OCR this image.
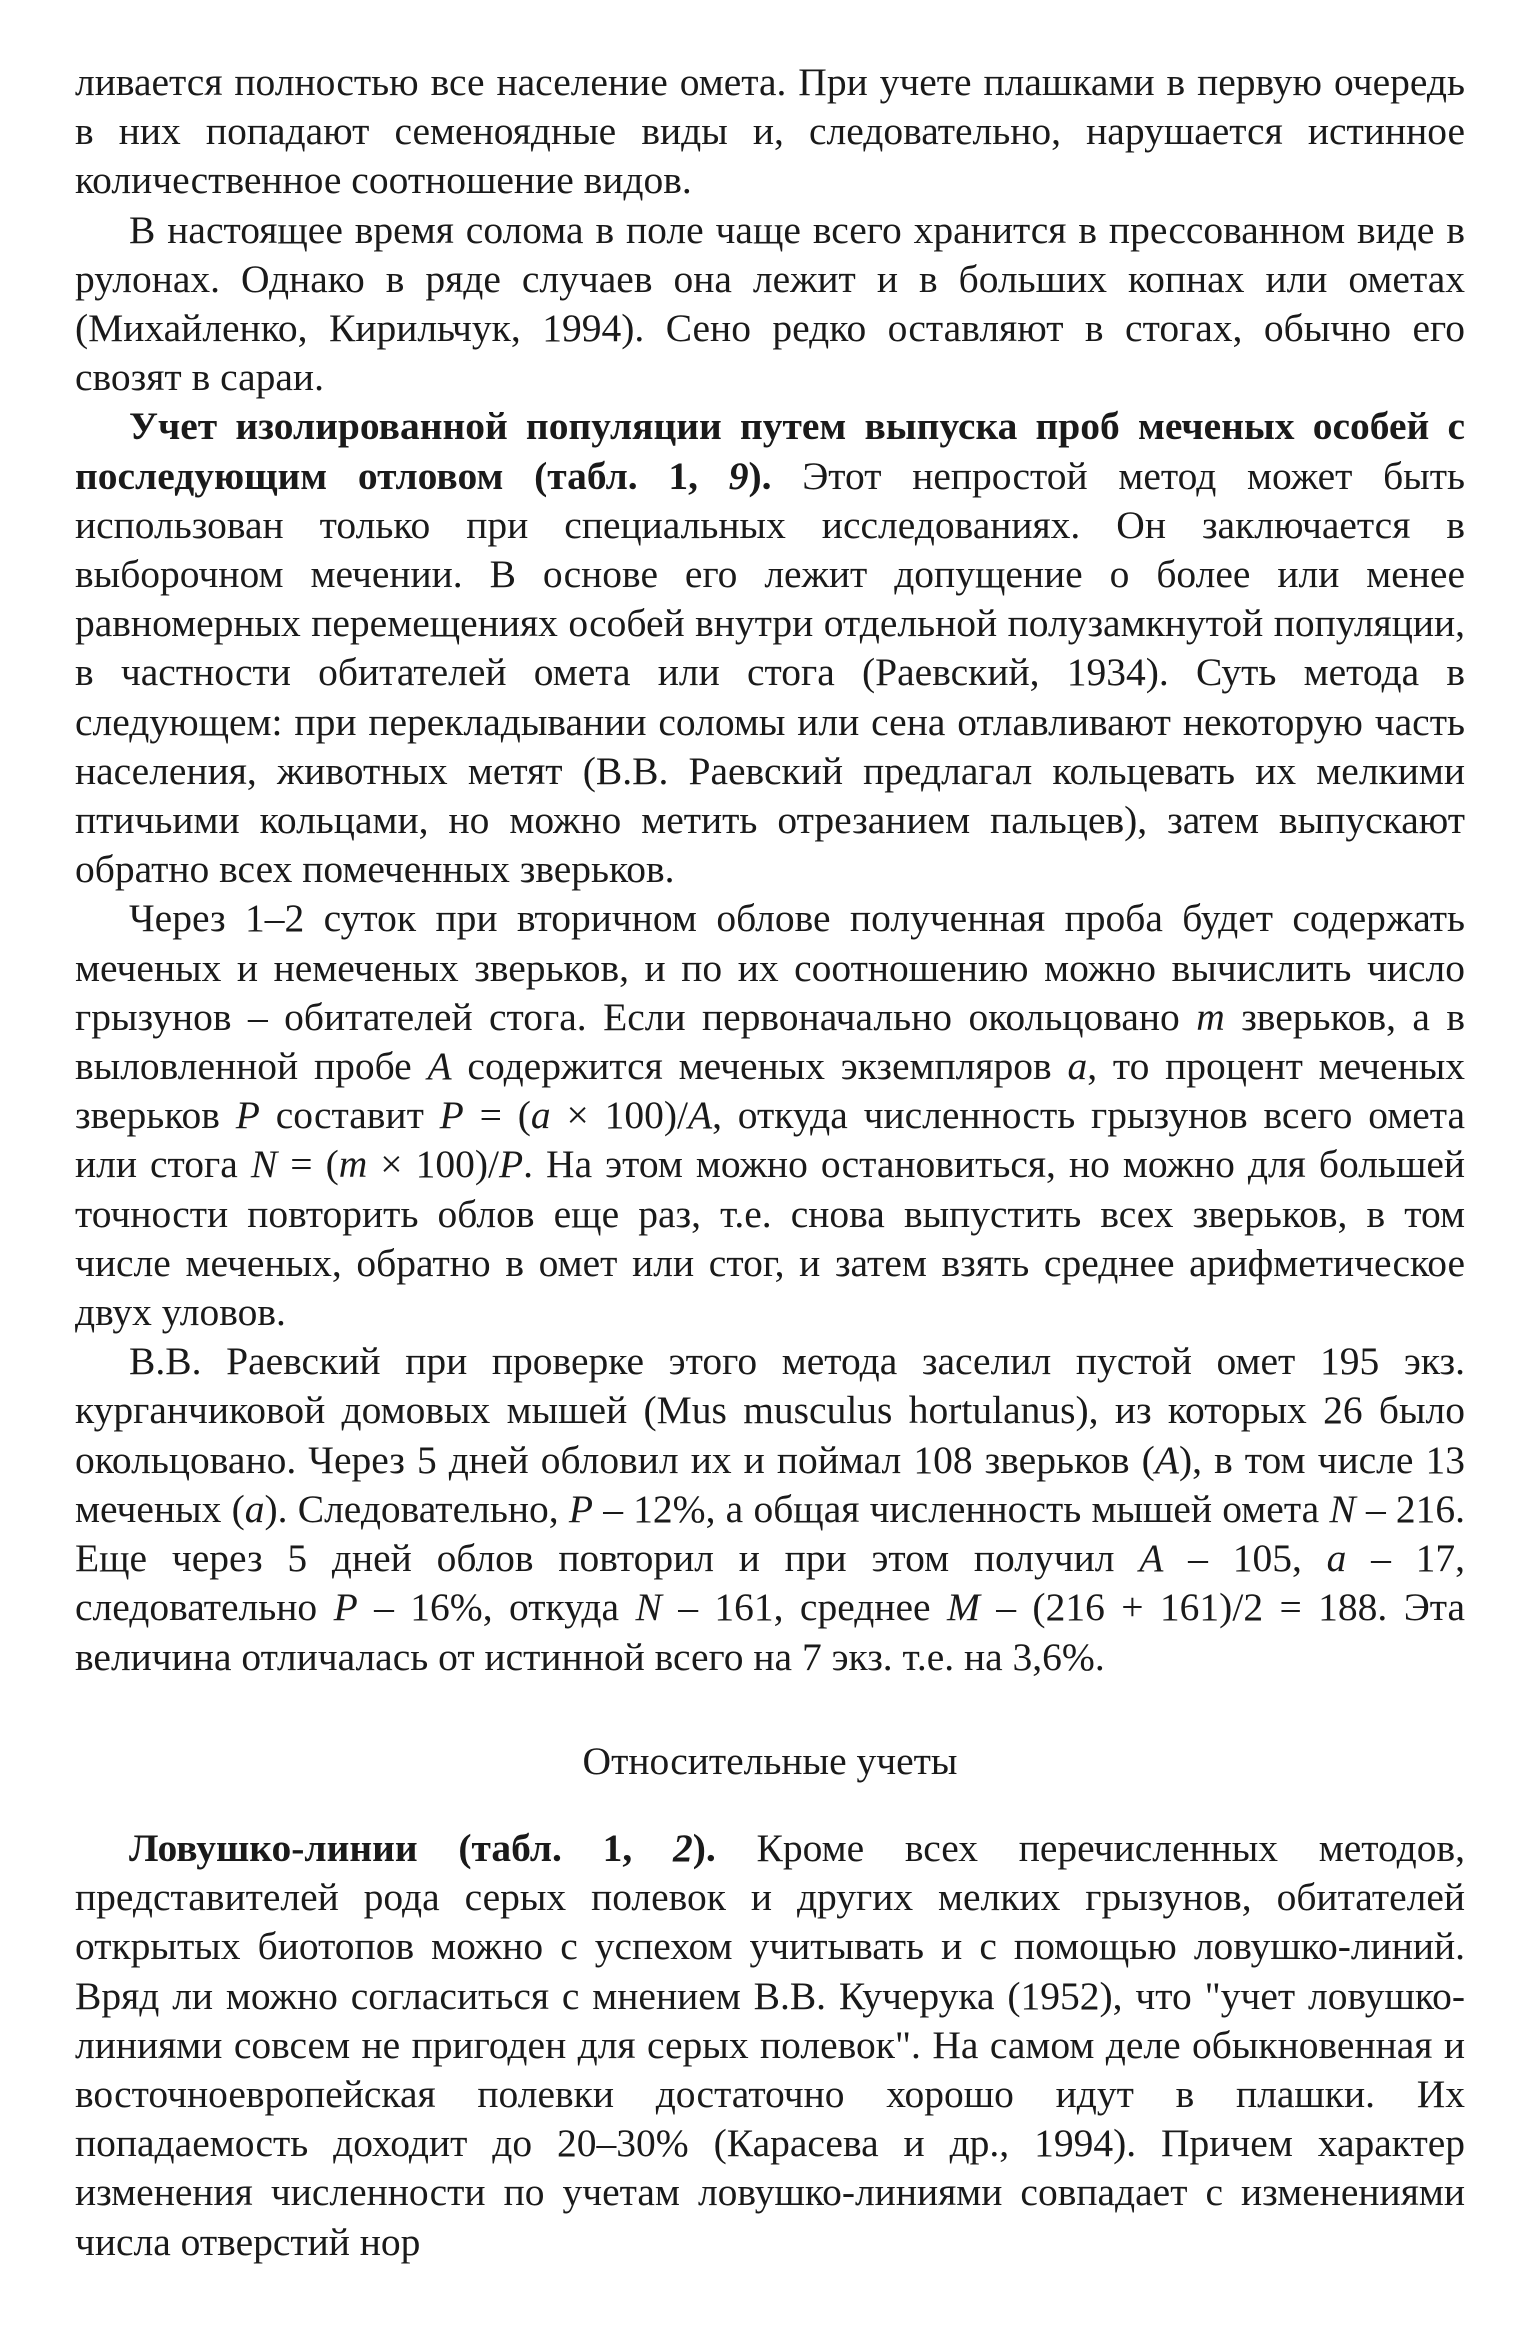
ливается полностью все население омета. При учете плашками в первую очередь в них попадают семеноядные виды и, следовательно, нарушается истинное количественное соотношение видов.

В настоящее время солома в поле чаще всего хранится в прессованном виде в рулонах. Однако в ряде случаев она лежит и в больших копнах или ометах (Михайленко, Кирильчук, 1994). Сено редко оставляют в стогах, обычно его свозят в сараи.

Учет изолированной популяции путем выпуска проб меченых особей с последующим отловом (табл. 1, 9). Этот непростой метод может быть использован только при специальных исследованиях. Он заключается в выборочном мечении. В основе его лежит допущение о более или менее равномерных перемещениях особей внутри отдельной полузамкнутой популяции, в частности обитателей омета или стога (Раевский, 1934). Суть метода в следующем: при перекладывании соломы или сена отлавливают некоторую часть населения, животных метят (В.В. Раевский предлагал кольцевать их мелкими птичьими кольцами, но можно метить отрезанием пальцев), затем выпускают обратно всех помеченных зверьков.

Через 1–2 суток при вторичном облове полученная проба будет содержать меченых и немеченых зверьков, и по их соотношению можно вычислить число грызунов – обитателей стога. Если первоначально окольцовано m зверьков, а в выловленной пробе A содержится меченых экземпляров a, то процент меченых зверьков P составит P = (a × 100)/A, откуда численность грызунов всего омета или стога N = (m × 100)/P. На этом можно остановиться, но можно для большей точности повторить облов еще раз, т.е. снова выпустить всех зверьков, в том числе меченых, обратно в омет или стог, и затем взять среднее арифметическое двух уловов.

В.В. Раевский при проверке этого метода заселил пустой омет 195 экз. курганчиковой домовых мышей (Mus musculus hortulanus), из которых 26 было окольцовано. Через 5 дней обловил их и поймал 108 зверьков (A), в том числе 13 меченых (a). Следовательно, P – 12%, а общая численность мышей омета N – 216. Еще через 5 дней облов повторил и при этом получил A – 105, a – 17, следовательно P – 16%, откуда N – 161, среднее M – (216 + 161)/2 = 188. Эта величина отличалась от истинной всего на 7 экз. т.е. на 3,6%.

Относительные учеты

Ловушко-линии (табл. 1, 2). Кроме всех перечисленных методов, представителей рода серых полевок и других мелких грызунов, обитателей открытых биотопов можно с успехом учитывать и с помощью ловушко-линий. Вряд ли можно согласиться с мнением В.В. Кучерука (1952), что "учет ловушко-линиями совсем не пригоден для серых полевок". На самом деле обыкновенная и восточноевропейская полевки достаточно хорошо идут в плашки. Их попадаемость доходит до 20–30% (Карасева и др., 1994). Причем характер изменения численности по учетам ловушко-линиями совпадает с изменениями числа отверстий нор
